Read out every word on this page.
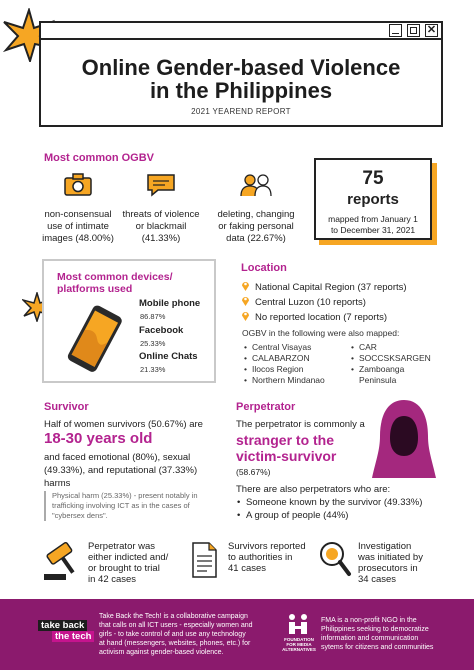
✕
Online Gender-based Violence
in the Philippines
2021 YEAREND REPORT
Most common OGBV
non-consensual
use of intimate
images (48.00%)
threats of violence
or blackmail
(41.33%)
deleting, changing
or faking personal
data (22.67%)
75
reports
mapped from January 1
to December 31, 2021
Most common devices/
platforms used
Mobile phone
86.87%
Facebook
25.33%
Online Chats
21.33%
Location
National Capital Region (37 reports)
Central Luzon (10 reports)
No reported location (7 reports)
OGBV in the following were also mapped:
• Central Visayas
• CALABARZON
• Ilocos Region
• Northern Mindanao
• CAR
• SOCCSKSARGEN
• Zamboanga
Peninsula
Survivor
Half of women survivors (50.67%) are
18-30 years old
and faced emotional (80%), sexual
(49.33%), and reputational (37.33%)
harms
Physical harm (25.33%) - present notably in
trafficking involving ICT as in the cases of
"cybersex dens".
Perpetrator
The perpetrator is commonly a
stranger to the
victim-survivor
(58.67%)
There are also perpetrators who are:
• Someone known by the survivor (49.33%)
• A group of people (44%)
Perpetrator was
either indicted and/
or brought to trial
in 42 cases
Survivors reported
to authorities in
41 cases
Investigation
was initiated by
prosecutors in
34 cases
take back
the tech
Take Back the Tech! is a collaborative campaign
that calls on all ICT users - especially women and
girls - to take control of and use any technology
at hand (messengers, websites, phones, etc.) for
activism against gender-based violence.
FOUNDATION
FOR MEDIA
ALTERNATIVES
FMA is a non-profit NGO in the
Philippines seeking to democratize
information and communication
sytems for citizens and communities
